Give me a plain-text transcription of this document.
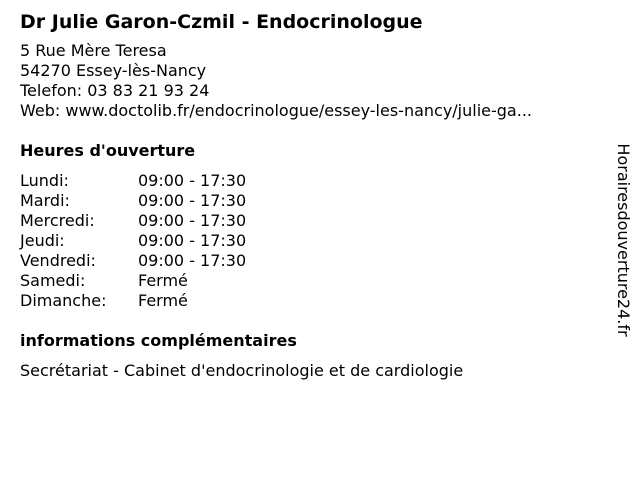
Dr Julie Garon-Czmil - Endocrinologue
5 Rue Mère Teresa
54270 Essey-lès-Nancy
Telefon: 03 83 21 93 24
Web: www.doctolib.fr/endocrinologue/essey-les-nancy/julie-ga...
Heures d'ouverture
Lundi:	09:00 - 17:30
Mardi:	09:00 - 17:30
Mercredi:	09:00 - 17:30
Jeudi:	09:00 - 17:30
Vendredi:	09:00 - 17:30
Samedi:	Fermé
Dimanche:	Fermé
informations complémentaires
Secrétariat - Cabinet d'endocrinologie et de cardiologie
Horairesdouverture24.fr
